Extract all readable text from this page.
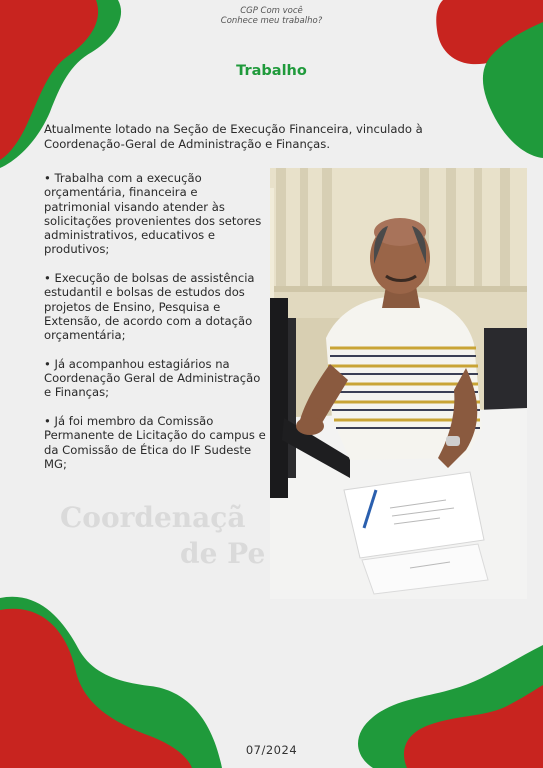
CGP Com você
Conhece meu trabalho?
Trabalho
Atualmente lotado na Seção de Execução Financeira, vinculado à Coordenação-Geral de Administração e Finanças.
Coordenaçã
de Pe

• Trabalha com a execução orçamentária, financeira e patrimonial visando atender às solicitações provenientes dos setores administrativos, educativos e produtivos;

• Execução de bolsas de assistência estudantil e bolsas de estudos dos projetos de Ensino, Pesquisa e Extensão, de acordo com a dotação orçamentária;

• Já acompanhou estagiários na Coordenação Geral de Administração e Finanças;

• Já foi membro da Comissão Permanente de Licitação do campus e da Comissão de Ética do IF Sudeste MG;

07/2024
